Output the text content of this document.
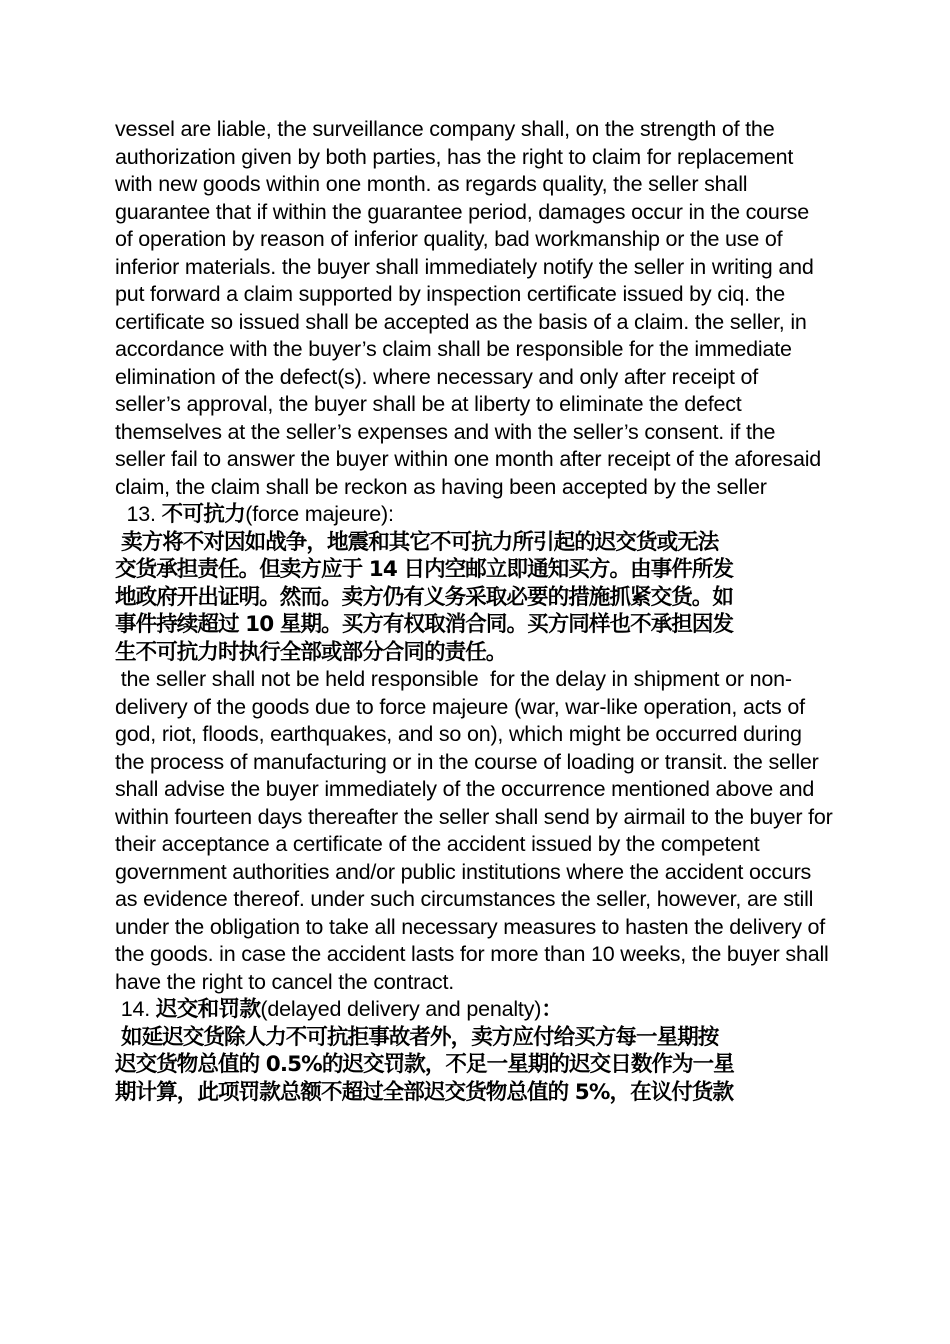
vessel are liable, the surveillance company shall, on the strength of the authorization given by both parties, has the right to claim for replacement with new goods within one month. as regards quality, the seller shall guarantee that if within the guarantee period, damages occur in the course of operation by reason of inferior quality, bad workmanship or the use of inferior materials. the buyer shall immediately notify the seller in writing and put forward a claim supported by inspection certificate issued by ciq. the certificate so issued shall be accepted as the basis of a claim. the seller, in accordance with the buyer’s claim shall be responsible for the immediate elimination of the defect(s). where necessary and only after receipt of seller’s approval, the buyer shall be at liberty to eliminate the defect themselves at the seller’s expenses and with the seller’s consent. if the seller fail to answer the buyer within one month after receipt of the aforesaid claim, the claim shall be reckon as having been accepted by the seller

13. 不可抗力(force majeure):

卖方将不对因如战争，地震和其它不可抗力所引起的迟交货或无法

交货承担责任。但卖方应于 14 日内空邮立即通知买方。由事件所发

地政府开出证明。然而。卖方仍有义务采取必要的措施抓紧交货。如

事件持续超过 10 星期。买方有权取消合同。买方同样也不承担因发

生不可抗力时执行全部或部分合同的责任。

the seller shall not be held responsible  for the delay in shipment or non-delivery of the goods due to force majeure (war, war-like operation, acts of god, riot, floods, earthquakes, and so on), which might be occurred during the process of manufacturing or in the course of loading or transit. the seller shall advise the buyer immediately of the occurrence mentioned above and within fourteen days thereafter the seller shall send by airmail to the buyer for their acceptance a certificate of the accident issued by the competent government authorities and/or public institutions where the accident occurs as evidence thereof. under such circumstances the seller, however, are still under the obligation to take all necessary measures to hasten the delivery of the goods. in case the accident lasts for more than 10 weeks, the buyer shall have the right to cancel the contract.

14. 迟交和罚款(delayed delivery and penalty)：

如延迟交货除人力不可抗拒事故者外，卖方应付给买方每一星期按

迟交货物总值的 0.5%的迟交罚款，不足一星期的迟交日数作为一星

期计算，此项罚款总额不超过全部迟交货物总值的 5%，在议付货款
